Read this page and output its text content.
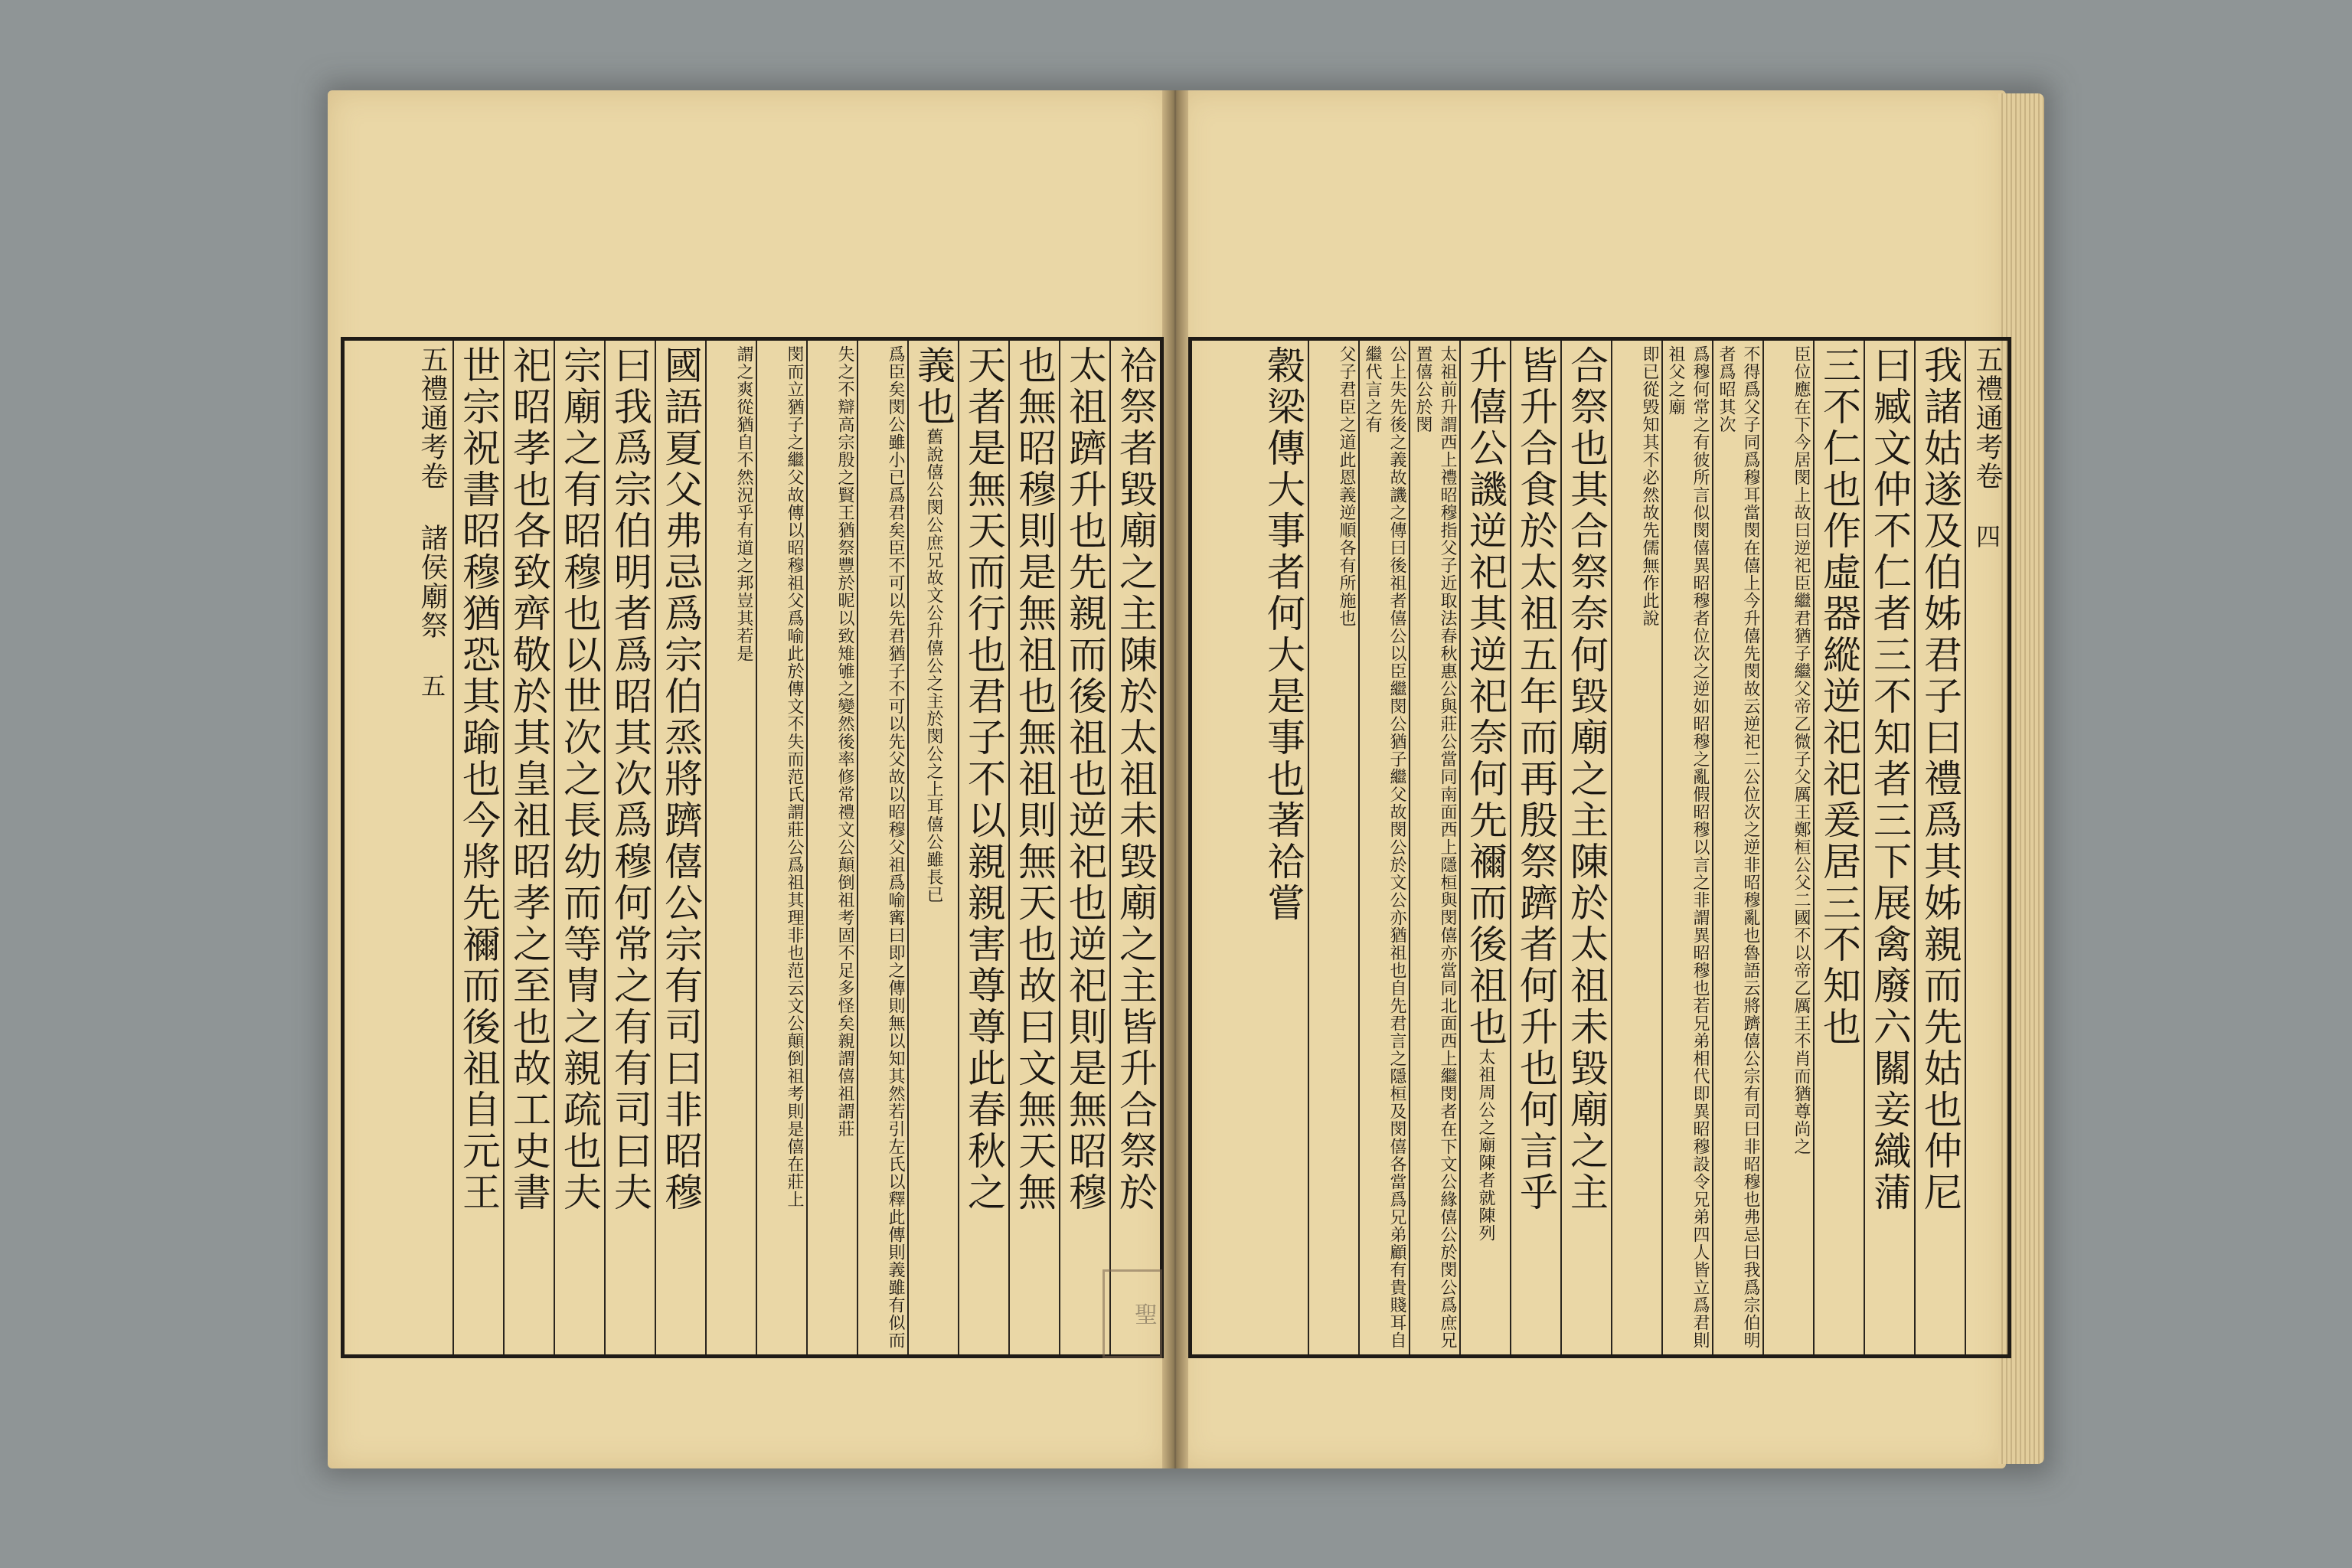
五禮通考卷 四
我諸姑遂及伯姊君子曰禮爲其姊親而先姑也仲尼
曰臧文仲不仁者三不知者三下展禽廢六關妾織蒲
三不仁也作虛器縱逆祀祀爰居三不知也
臣位應在下今居閔上故曰逆祀臣繼君猶子繼父帝乙微子父厲王鄭桓公父二國不以帝乙厲王不肖而猶尊尚之
不得爲父子同爲穆耳當閔在僖上今升僖先閔故云逆祀二公位次之逆非昭穆亂也魯語云將躋僖公宗有司曰非昭穆也弗忌曰我爲宗伯明者爲昭其次
爲穆何常之有彼所言似閔僖異昭穆者位次之逆如昭穆之亂假昭穆以言之非謂異昭穆也若兄弟相代即異昭穆設令兄弟四人皆立爲君則祖父之廟
即已從毁知其不必然故先儒無作此說
合祭也其合祭奈何毀廟之主陳於太祖未毀廟之主
皆升合食於太祖五年而再殷祭躋者何升也何言乎
升僖公譏逆祀其逆祀奈何先禰而後祖也太祖周公之廟陳者就陳列
太祖前升謂西上禮昭穆指父子近取法春秋惠公與莊公當同南面西上隱桓與閔僖亦當同北面西上繼閔者在下文公緣僖公於閔公爲庶兄置僖公於閔
公上失先後之義故譏之傳曰後祖者僖公以臣繼閔公猶子繼父故閔公於文公亦猶祖也自先君言之隱桓及閔僖各當爲兄弟顧有貴賤耳自繼代言之有
父子君臣之道此恩義逆順各有所施也
穀梁傳大事者何大是事也著祫嘗
祫祭者毀廟之主陳於太祖未毀廟之主皆升合祭於
太祖躋升也先親而後祖也逆祀也逆祀則是無昭穆
也無昭穆則是無祖也無祖則無天也故曰文無天無
天者是無天而行也君子不以親親害尊尊此春秋之
義也舊說僖公閔公庶兄故文公升僖公之主於閔公之上耳僖公雖長已
爲臣矣閔公雖小已爲君矣臣不可以先君猶子不可以先父故以昭穆父祖爲喻寗曰即之傳則無以知其然若引左氏以釋此傳則義雖有似而
失之不辯高宗殷之賢王猶祭豐於昵以致雉雊之變然後率修常禮文公顛倒祖考固不足多怪矣親謂僖祖謂莊
閔而立猶子之繼父故傳以昭穆祖父爲喻此於傳文不失而范氏謂莊公爲祖其理非也范云文公顛倒祖考則是僖在莊上
謂之爽從猶自不然況乎有道之邦豈其若是
國語夏父弗忌爲宗伯烝將躋僖公宗有司曰非昭穆
曰我爲宗伯明者爲昭其次爲穆何常之有有司曰夫
宗廟之有昭穆也以世次之長幼而等冑之親疏也夫
祀昭孝也各致齊敬於其皇祖昭孝之至也故工史書
世宗祝書昭穆猶恐其踰也今將先禰而後祖自元王
五禮通考卷 諸侯廟祭 五
聖
